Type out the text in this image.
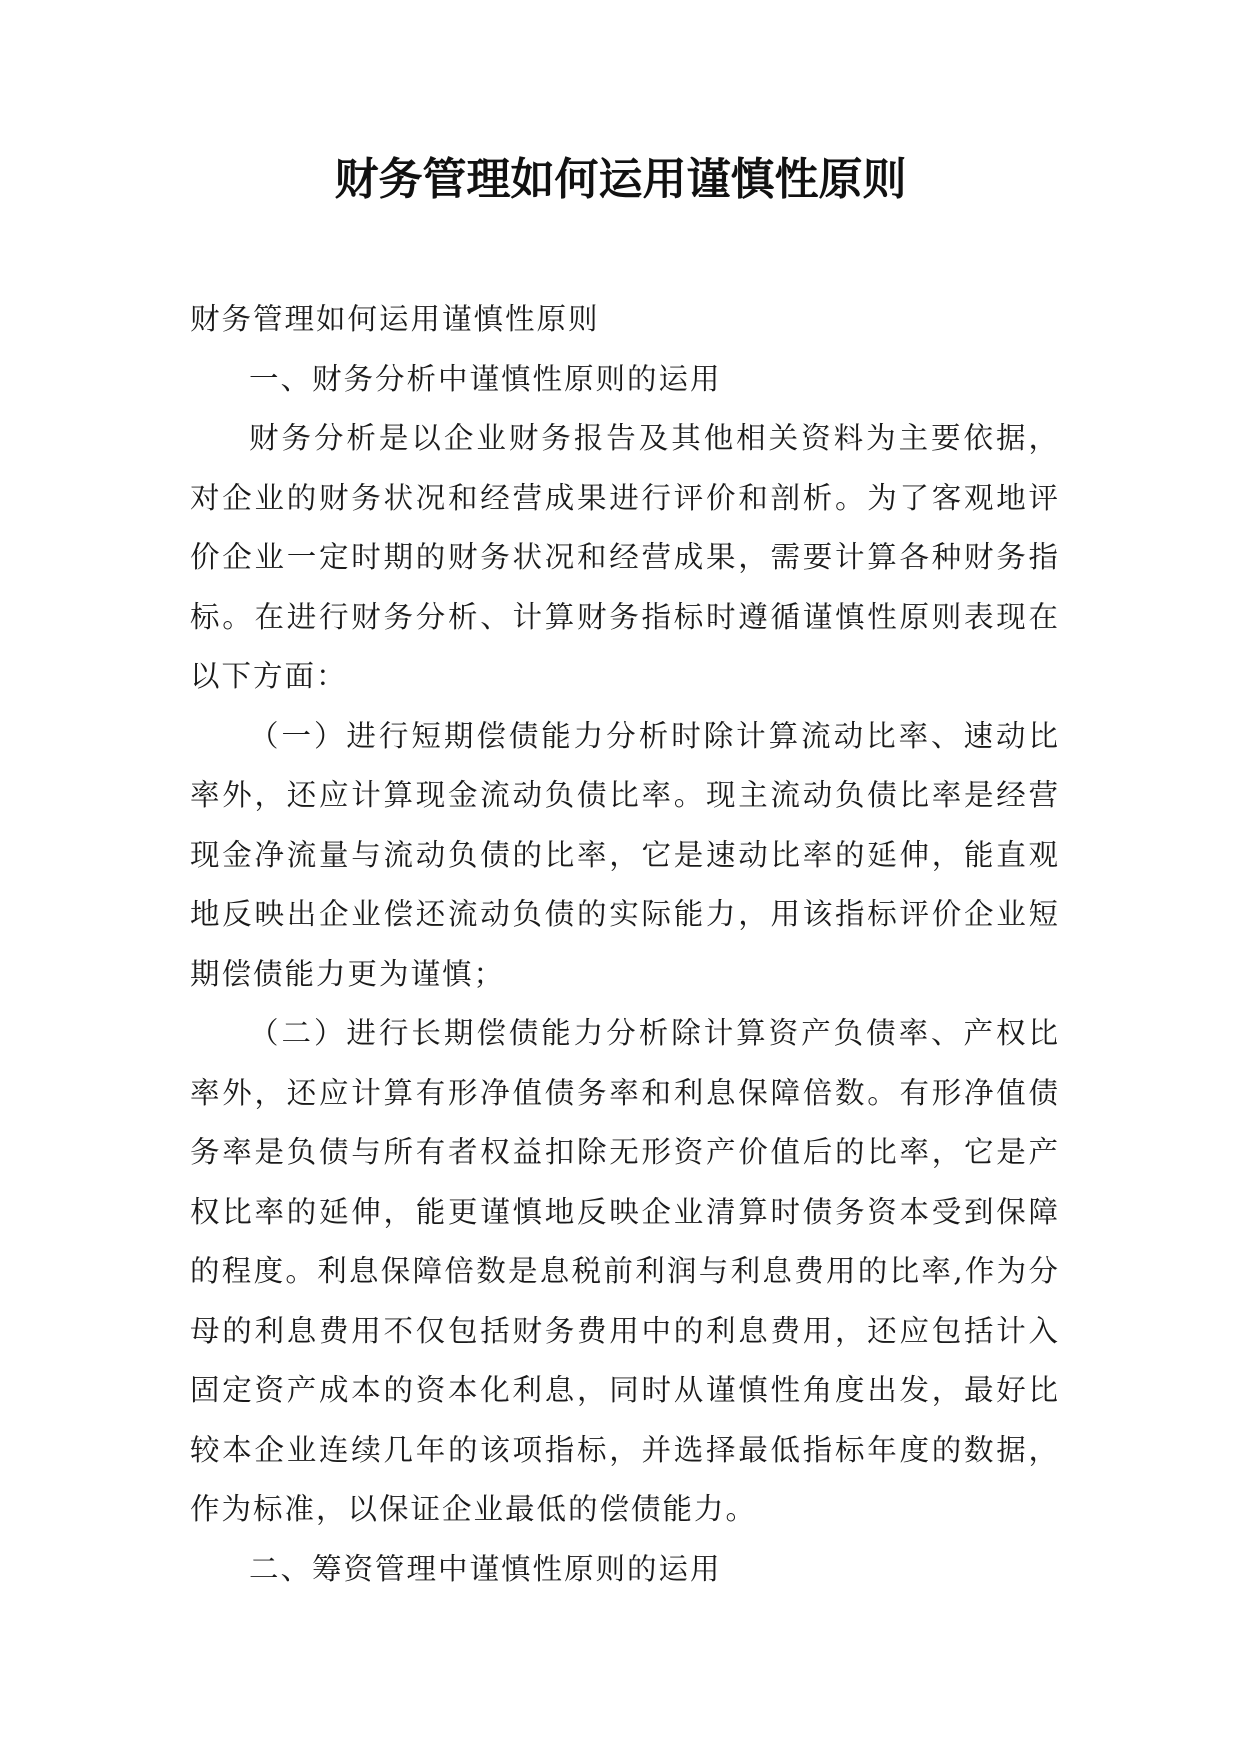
财务管理如何运用谨慎性原则

财务管理如何运用谨慎性原则

一、财务分析中谨慎性原则的运用

财务分析是以企业财务报告及其他相关资料为主要依据，对企业的财务状况和经营成果进行评价和剖析。为了客观地评价企业一定时期的财务状况和经营成果，需要计算各种财务指标。在进行财务分析、计算财务指标时遵循谨慎性原则表现在以下方面：

（一）进行短期偿债能力分析时除计算流动比率、速动比率外，还应计算现金流动负债比率。现主流动负债比率是经营现金净流量与流动负债的比率，它是速动比率的延伸，能直观地反映出企业偿还流动负债的实际能力，用该指标评价企业短期偿债能力更为谨慎；

（二）进行长期偿债能力分析除计算资产负债率、产权比率外，还应计算有形净值债务率和利息保障倍数。有形净值债务率是负债与所有者权益扣除无形资产价值后的比率，它是产权比率的延伸，能更谨慎地反映企业清算时债务资本受到保障的程度。利息保障倍数是息税前利润与利息费用的比率,作为分母的利息费用不仅包括财务费用中的利息费用，还应包括计入固定资产成本的资本化利息，同时从谨慎性角度出发，最好比较本企业连续几年的该项指标，并选择最低指标年度的数据，作为标准，以保证企业最低的偿债能力。

二、筹资管理中谨慎性原则的运用
